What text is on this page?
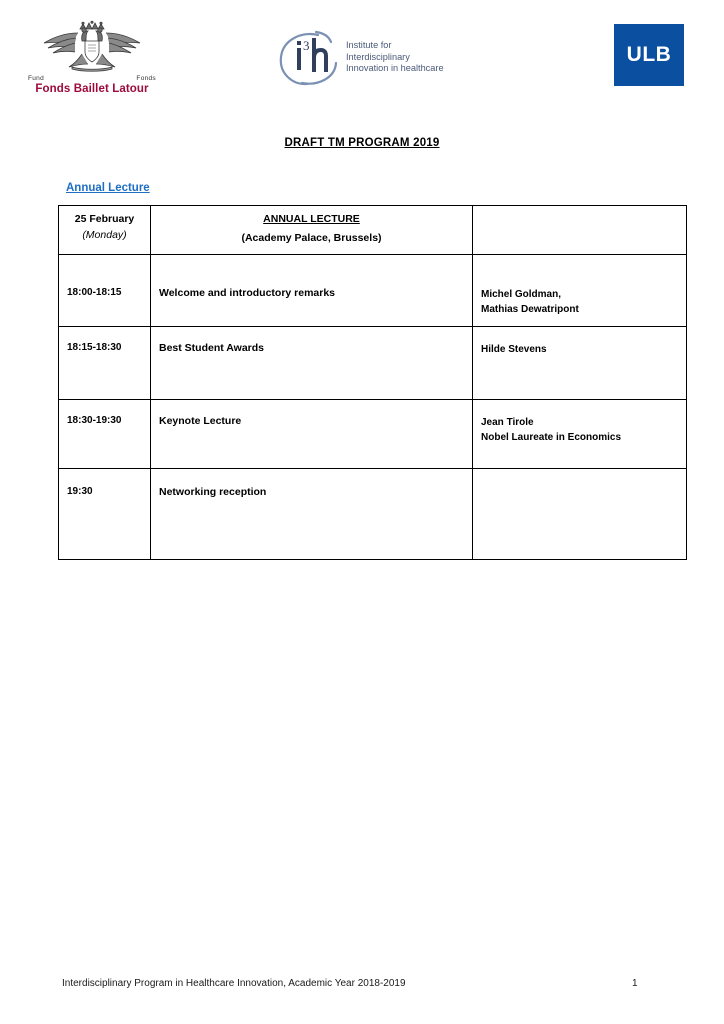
Fund	Fonds
Fonds Baillet Latour
3	Institute for
Interdisciplinary
Innovation in healthcare
ULB
DRAFT TM PROGRAM 2019
Annual Lecture
25 February
(Monday)

ANNUAL LECTURE
(Academy Palace, Brussels)

18:00-18:15	Welcome and introductory remarks	Michel Goldman,
Mathias Dewatripont

18:15-18:30	Best Student Awards	Hilde Stevens

18:30-19:30	Keynote Lecture	Jean Tirole
Nobel Laureate in Economics

19:30	Networking reception	

Interdisciplinary Program in Healthcare Innovation, Academic Year 2018-2019	1
